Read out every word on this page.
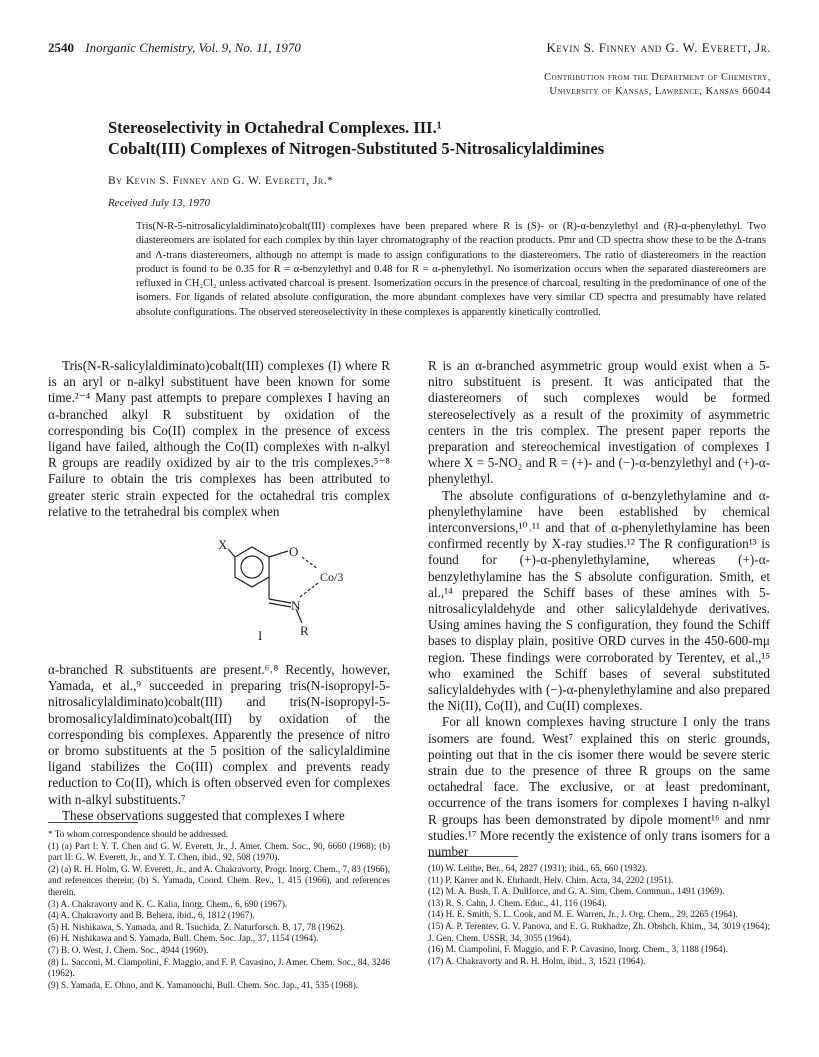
2540 Inorganic Chemistry, Vol. 9, No. 11, 1970	Kevin S. Finney and G. W. Everett, Jr.
Contribution from the Department of Chemistry,
University of Kansas, Lawrence, Kansas 66044
Stereoselectivity in Octahedral Complexes. III.¹
Cobalt(III) Complexes of Nitrogen-Substituted 5-Nitrosalicylaldimines
By Kevin S. Finney and G. W. Everett, Jr.*
Received July 13, 1970
Tris(N-R-5-nitrosalicylaldiminato)cobalt(III) complexes have been prepared where R is (S)- or (R)-α-benzylethyl and (R)-α-phenylethyl. Two diastereomers are isolated for each complex by thin layer chromatography of the reaction products. Pmr and CD spectra show these to be the Δ-trans and Λ-trans diastereomers, although no attempt is made to assign configurations to the diastereomers. The ratio of diastereomers in the reaction product is found to be 0.35 for R = α-benzylethyl and 0.48 for R = α-phenylethyl. No isomerization occurs when the separated diastereomers are refluxed in CH₂Cl₂ unless activated charcoal is present. Isomerization occurs in the presence of charcoal, resulting in the predominance of one of the isomers. For ligands of related absolute configuration, the more abundant complexes have very similar CD spectra and presumably have related absolute configurations. The observed stereoselectivity in these complexes is apparently kinetically controlled.

Tris(N-R-salicylaldiminato)cobalt(III) complexes (I) where R is an aryl or n-alkyl substituent have been known for some time.²⁻⁴ Many past attempts to prepare complexes I having an α-branched alkyl R substituent by oxidation of the corresponding bis Co(II) complex in the presence of excess ligand have failed, although the Co(II) complexes with n-alkyl R groups are readily oxidized by air to the tris complexes.⁵⁻⁸ Failure to obtain the tris complexes has been attributed to greater steric strain expected for the octahedral tris complex relative to the tetrahedral bis complex when

X	O
Co/3
N
R
I

α-branched R substituents are present.⁶˒⁸ Recently, however, Yamada, et al.,⁹ succeeded in preparing tris(N-isopropyl-5-nitrosalicylaldiminato)cobalt(III) and tris(N-isopropyl-5-bromosalicylaldiminato)cobalt(III) by oxidation of the corresponding bis complexes. Apparently the presence of nitro or bromo substituents at the 5 position of the salicylaldimine ligand stabilizes the Co(III) complex and prevents ready reduction to Co(II), which is often observed even for complexes with n-alkyl substituents.⁷

These observations suggested that complexes I where

R is an α-branched asymmetric group would exist when a 5-nitro substituent is present. It was anticipated that the diastereomers of such complexes would be formed stereoselectively as a result of the proximity of asymmetric centers in the tris complex. The present paper reports the preparation and stereochemical investigation of complexes I where X = 5-NO₂ and R = (+)- and (−)-α-benzylethyl and (+)-α-phenylethyl.

The absolute configurations of α-benzylethylamine and α-phenylethylamine have been established by chemical interconversions,¹⁰˒¹¹ and that of α-phenylethylamine has been confirmed recently by X-ray studies.¹² The R configuration¹³ is found for (+)-α-phenylethylamine, whereas (+)-α-benzylethylamine has the S absolute configuration. Smith, et al.,¹⁴ prepared the Schiff bases of these amines with 5-nitrosalicylaldehyde and other salicylaldehyde derivatives. Using amines having the S configuration, they found the Schiff bases to display plain, positive ORD curves in the 450-600-mμ region. These findings were corroborated by Terentev, et al.,¹⁵ who examined the Schiff bases of several substituted salicylaldehydes with (−)-α-phenylethylamine and also prepared the Ni(II), Co(II), and Cu(II) complexes.

For all known complexes having structure I only the trans isomers are found. West⁷ explained this on steric grounds, pointing out that in the cis isomer there would be severe steric strain due to the presence of three R groups on the same octahedral face. The exclusive, or at least predominant, occurrence of the trans isomers for complexes I having n-alkyl R groups has been demonstrated by dipole moment¹⁶ and nmr studies.¹⁷ More recently the existence of only trans isomers for a number

* To whom correspondence should be addressed.
(1) (a) Part I: Y. T. Chen and G. W. Everett, Jr., J. Amer. Chem. Soc., 90, 6660 (1968); (b) part II: G. W. Everett, Jr., and Y. T. Chen, ibid., 92, 508 (1970).
(2) (a) R. H. Holm, G. W. Everett, Jr., and A. Chakravorty, Progr. Inorg. Chem., 7, 83 (1966), and references therein; (b) S. Yamada, Coord. Chem. Rev., 1, 415 (1966), and references therein.
(3) A. Chakravorty and K. C. Kalia, Inorg. Chem., 6, 690 (1967).
(4) A. Chakravorty and B. Behera, ibid., 6, 1812 (1967).
(5) H. Nishikawa, S. Yamada, and R. Tsuchida, Z. Naturforsch. B, 17, 78 (1962).
(6) H. Nishikawa and S. Yamada, Bull. Chem. Soc. Jap., 37, 1154 (1964).
(7) B. O. West, J. Chem. Soc., 4944 (1960).
(8) L. Sacconi, M. Ciampolini, F. Maggio, and F. P. Cavasino, J. Amer. Chem. Soc., 84, 3246 (1962).
(9) S. Yamada, E. Ohno, and K. Yamanouchi, Bull. Chem. Soc. Jap., 41, 535 (1968).
(10) W. Leithe, Ber., 64, 2827 (1931); ibid., 65, 660 (1932).
(11) P. Karrer and K. Ehrhardt, Helv. Chim. Acta, 34, 2202 (1951).
(12) M. A. Bush, T. A. Dullforce, and G. A. Sim, Chem. Commun., 1491 (1969).
(13) R. S. Cahn, J. Chem. Educ., 41, 116 (1964).
(14) H. E. Smith, S. L. Cook, and M. E. Warren, Jr., J. Org. Chem., 29, 2265 (1964).
(15) A. P. Terentev, G. V. Panova, and E. G. Rukhadze, Zh. Obshch. Khim., 34, 3019 (1964); J. Gen. Chem. USSR, 34, 3055 (1964).
(16) M. Ciampolini, F. Maggio, and F. P. Cavasino, Inorg. Chem., 3, 1188 (1964).
(17) A. Chakravorty and R. H. Holm, ibid., 3, 1521 (1964).
